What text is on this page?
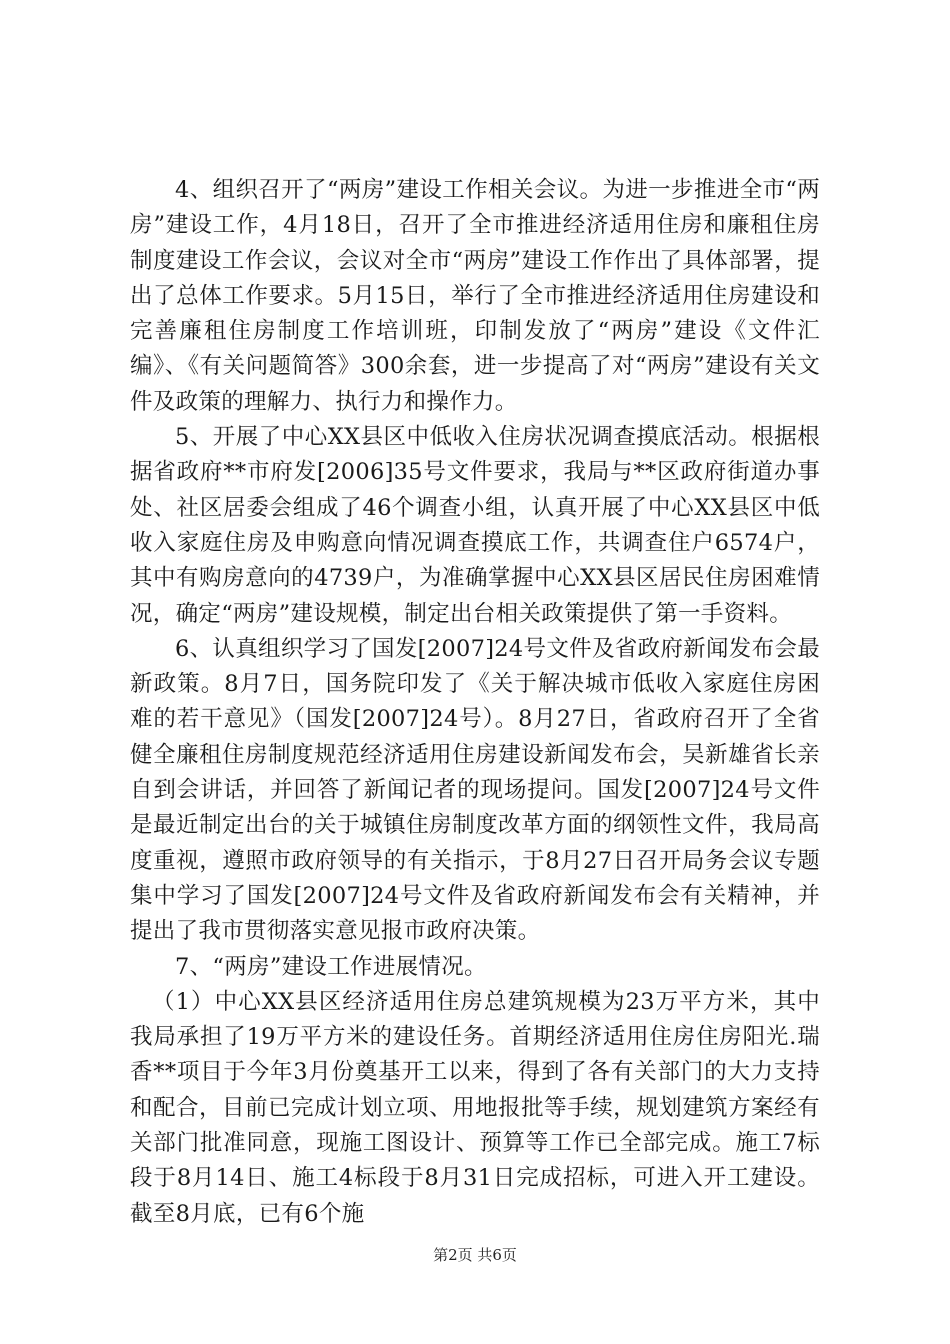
4、组织召开了“两房”建设工作相关会议。为进一步推进全市“两房”建设工作，4月18日，召开了全市推进经济适用住房和廉租住房制度建设工作会议，会议对全市“两房”建设工作作出了具体部署，提出了总体工作要求。5月15日，举行了全市推进经济适用住房建设和完善廉租住房制度工作培训班，印制发放了“两房”建设《文件汇编》、《有关问题简答》300余套，进一步提高了对“两房”建设有关文件及政策的理解力、执行力和操作力。

5、开展了中心XX县区中低收入住房状况调查摸底活动。根据根据省政府**市府发[2006]35号文件要求，我局与**区政府街道办事处、社区居委会组成了46个调查小组，认真开展了中心XX县区中低收入家庭住房及申购意向情况调查摸底工作，共调查住户6574户，其中有购房意向的4739户，为准确掌握中心XX县区居民住房困难情况，确定“两房”建设规模，制定出台相关政策提供了第一手资料。

6、认真组织学习了国发[2007]24号文件及省政府新闻发布会最新政策。8月7日，国务院印发了《关于解决城市低收入家庭住房困难的若干意见》（国发[2007]24号）。8月27日，省政府召开了全省健全廉租住房制度规范经济适用住房建设新闻发布会，吴新雄省长亲自到会讲话，并回答了新闻记者的现场提问。国发[2007]24号文件是最近制定出台的关于城镇住房制度改革方面的纲领性文件，我局高度重视，遵照市政府领导的有关指示，于8月27日召开局务会议专题集中学习了国发[2007]24号文件及省政府新闻发布会有关精神，并提出了我市贯彻落实意见报市政府决策。

7、“两房”建设工作进展情况。

（1）中心XX县区经济适用住房总建筑规模为23万平方米，其中我局承担了19万平方米的建设任务。首期经济适用住房住房阳光.瑞香**项目于今年3月份奠基开工以来，得到了各有关部门的大力支持和配合，目前已完成计划立项、用地报批等手续，规划建筑方案经有关部门批准同意，现施工图设计、预算等工作已全部完成。施工7标段于8月14日、施工4标段于8月31日完成招标，可进入开工建设。截至8月底，已有6个施

第2页 共6页
